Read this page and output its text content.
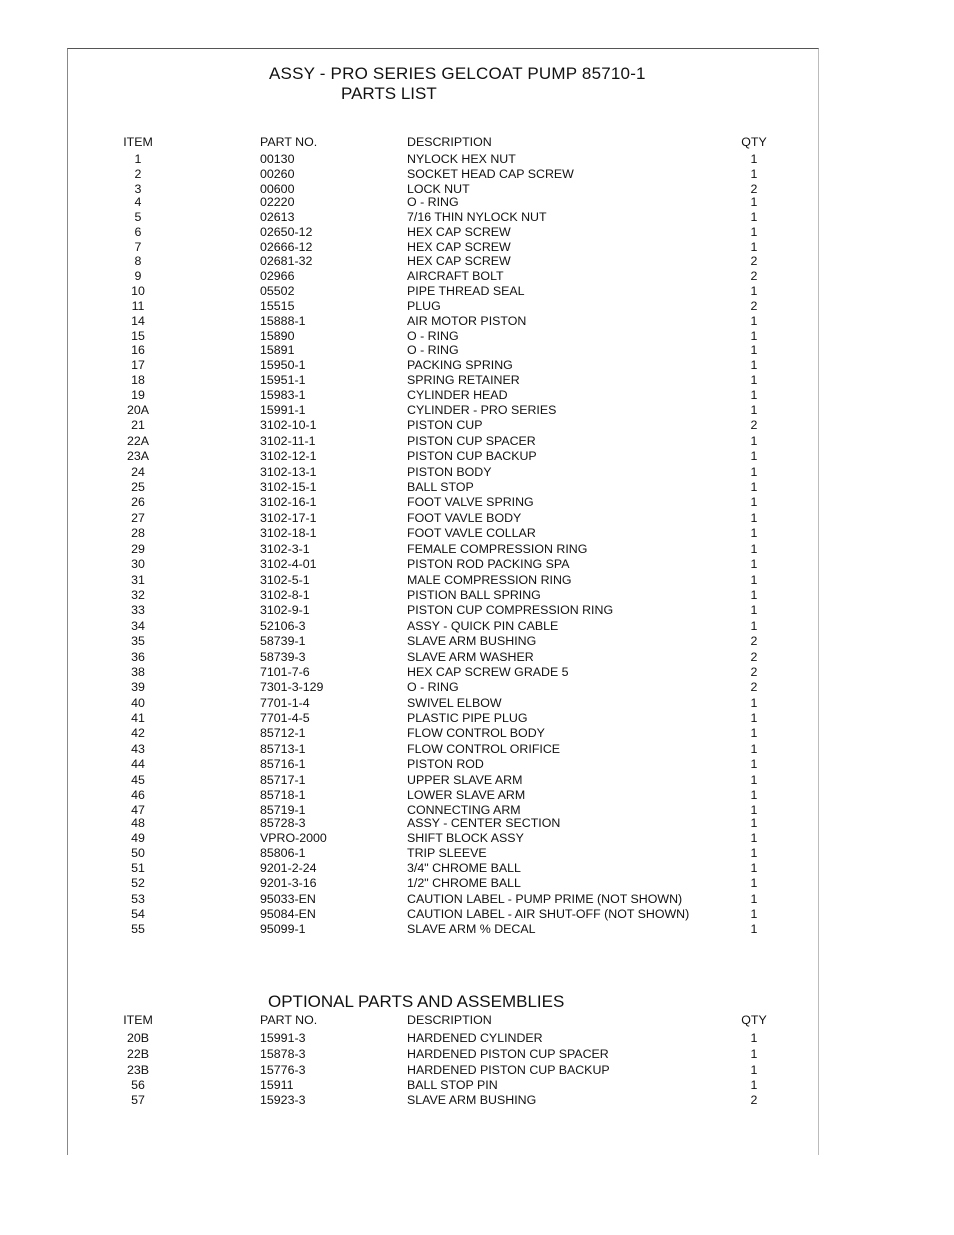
ASSY - PRO SERIES GELCOAT PUMP 85710-1
PARTS LIST
ITEM	PART NO.	DESCRIPTION	QTY
1	00130	NYLOCK HEX NUT	1
2	00260	SOCKET HEAD CAP SCREW	1
3	00600	LOCK NUT	2
4	02220	O - RING	1
5	02613	7/16 THIN NYLOCK NUT	1
6	02650-12	HEX CAP SCREW	1
7	02666-12	HEX CAP SCREW	1
8	02681-32	HEX CAP SCREW	2
9	02966	AIRCRAFT BOLT	2
10	05502	PIPE THREAD SEAL	1
11	15515	PLUG	2
14	15888-1	AIR MOTOR PISTON	1
15	15890	O - RING	1
16	15891	O - RING	1
17	15950-1	PACKING SPRING	1
18	15951-1	SPRING RETAINER	1
19	15983-1	CYLINDER HEAD	1
20A	15991-1	CYLINDER - PRO SERIES	1
21	3102-10-1	PISTON CUP	2
22A	3102-11-1	PISTON CUP SPACER	1
23A	3102-12-1	PISTON CUP BACKUP	1
24	3102-13-1	PISTON BODY	1
25	3102-15-1	BALL STOP	1
26	3102-16-1	FOOT VALVE SPRING	1
27	3102-17-1	FOOT VAVLE BODY	1
28	3102-18-1	FOOT VAVLE COLLAR	1
29	3102-3-1	FEMALE COMPRESSION RING	1
30	3102-4-01	PISTON ROD PACKING SPA	1
31	3102-5-1	MALE COMPRESSION RING	1
32	3102-8-1	PISTION BALL SPRING	1
33	3102-9-1	PISTON CUP COMPRESSION RING	1
34	52106-3	ASSY - QUICK PIN CABLE	1
35	58739-1	SLAVE ARM BUSHING	2
36	58739-3	SLAVE ARM WASHER	2
38	7101-7-6	HEX CAP SCREW GRADE 5	2
39	7301-3-129	O - RING	2
40	7701-1-4	SWIVEL ELBOW	1
41	7701-4-5	PLASTIC PIPE PLUG	1
42	85712-1	FLOW CONTROL BODY	1
43	85713-1	FLOW CONTROL ORIFICE	1
44	85716-1	PISTON ROD	1
45	85717-1	UPPER SLAVE ARM	1
46	85718-1	LOWER SLAVE ARM	1
47	85719-1	CONNECTING ARM	1
48	85728-3	ASSY - CENTER SECTION	1
49	VPRO-2000	SHIFT BLOCK ASSY	1
50	85806-1	TRIP SLEEVE	1
51	9201-2-24	3/4" CHROME BALL	1
52	9201-3-16	1/2" CHROME BALL	1
53	95033-EN	CAUTION LABEL - PUMP PRIME (NOT SHOWN)	1
54	95084-EN	CAUTION LABEL - AIR SHUT-OFF (NOT SHOWN)	1
55	95099-1	SLAVE ARM % DECAL	1
OPTIONAL PARTS AND ASSEMBLIES
ITEM	PART NO.	DESCRIPTION	QTY
20B	15991-3	HARDENED CYLINDER	1
22B	15878-3	HARDENED PISTON CUP SPACER	1
23B	15776-3	HARDENED PISTON CUP BACKUP	1
56	15911	BALL STOP PIN	1
57	15923-3	SLAVE ARM BUSHING	2
